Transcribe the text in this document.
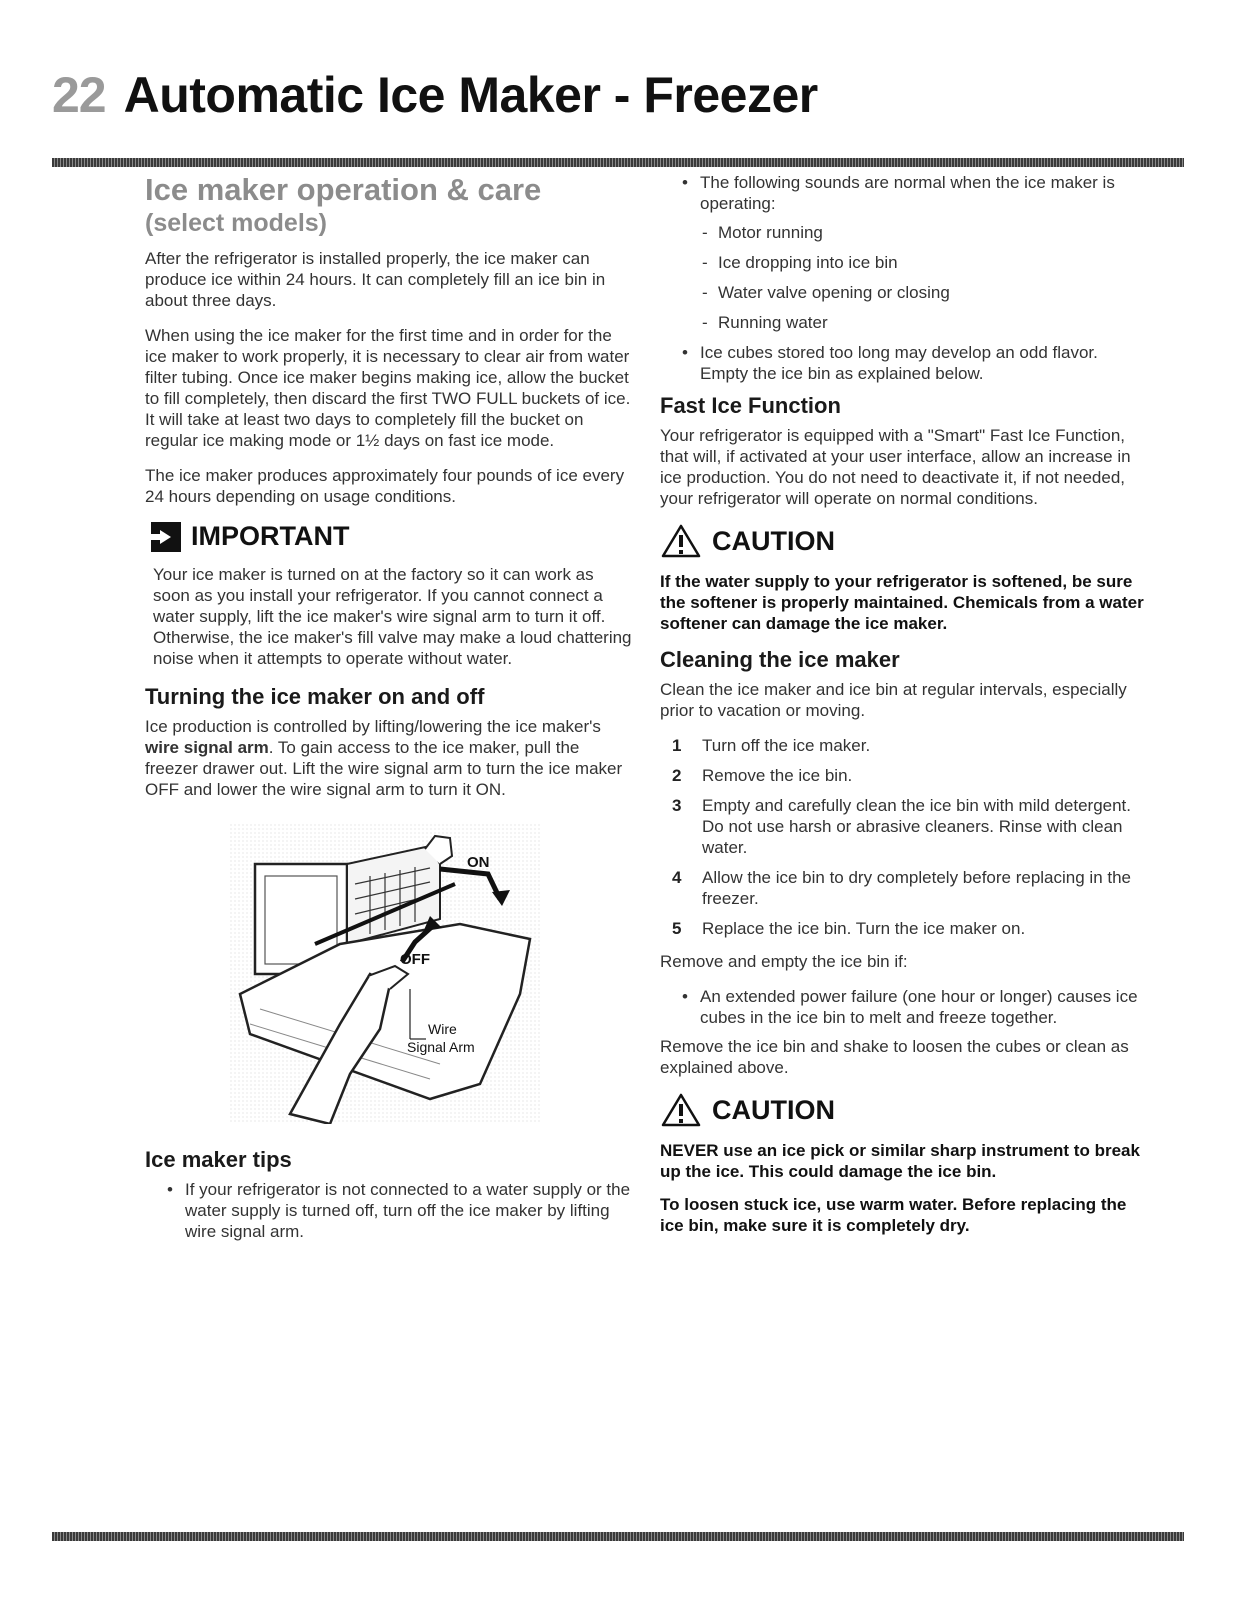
22 Automatic Ice Maker - Freezer
Ice maker operation & care
(select models)

After the refrigerator is installed properly, the ice maker can produce ice within 24 hours. It can completely fill an ice bin in about three days.

When using the ice maker for the first time and in order for the ice maker to work properly, it is necessary to clear air from water filter tubing. Once ice maker begins making ice, allow the bucket to fill completely, then discard the first TWO FULL buckets of ice. It will take at least two days to completely fill the bucket on regular ice making mode or 1½ days on fast ice mode.

The ice maker produces approximately four pounds of ice every 24 hours depending on usage conditions.

IMPORTANT

Your ice maker is turned on at the factory so it can work as soon as you install your refrigerator. If you cannot connect a water supply, lift the ice maker's wire signal arm to turn it off. Otherwise, the ice maker's fill valve may make a loud chattering noise when it attempts to operate without water.

Turning the ice maker on and off

Ice production is controlled by lifting/lowering the ice maker's wire signal arm. To gain access to the ice maker, pull the freezer drawer out. Lift the wire signal arm to turn the ice maker OFF and lower the wire signal arm to turn it ON.

ON
OFF
Wire
Signal Arm
Ice maker tips
• If your refrigerator is not connected to a water supply or the water supply is turned off, turn off the ice maker by lifting wire signal arm.
• The following sounds are normal when the ice maker is operating:
- Motor running
- Ice dropping into ice bin
- Water valve opening or closing
- Running water
• Ice cubes stored too long may develop an odd flavor. Empty the ice bin as explained below.
Fast Ice Function

Your refrigerator is equipped with a "Smart" Fast Ice Function, that will, if activated at your user interface, allow an increase in ice production. You do not need to deactivate it, if not needed, your refrigerator will operate on normal conditions.

CAUTION

If the water supply to your refrigerator is softened, be sure the softener is properly maintained. Chemicals from a water softener can damage the ice maker.

Cleaning the ice maker

Clean the ice maker and ice bin at regular intervals, especially prior to vacation or moving.

1	Turn off the ice maker.
2	Remove the ice bin.
3	Empty and carefully clean the ice bin with mild detergent. Do not use harsh or abrasive cleaners. Rinse with clean water.
4	Allow the ice bin to dry completely before replacing in the freezer.
5	Replace the ice bin. Turn the ice maker on.

Remove and empty the ice bin if:

• An extended power failure (one hour or longer) causes ice cubes in the ice bin to melt and freeze together.

Remove the ice bin and shake to loosen the cubes or clean as explained above.

CAUTION

NEVER use an ice pick or similar sharp instrument to break up the ice. This could damage the ice bin.

To loosen stuck ice, use warm water. Before replacing the ice bin, make sure it is completely dry.
